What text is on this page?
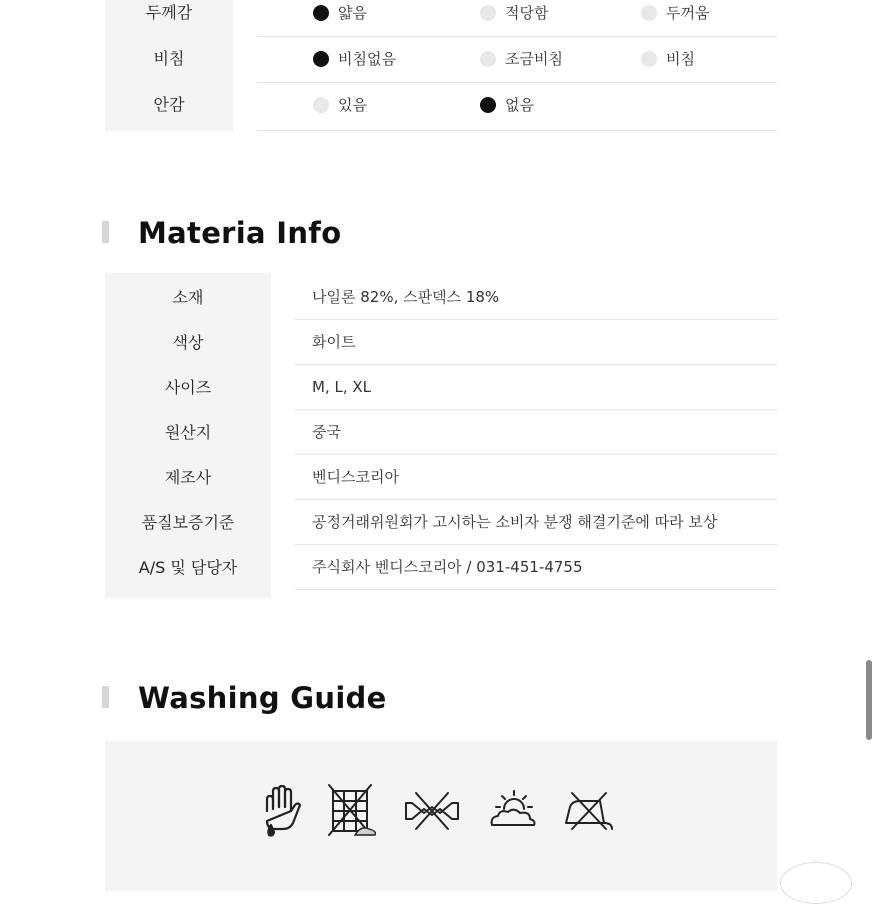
두께감	얇음	적당함	두꺼움
비침	비침없음	조금비침	비침
안감	있음	없음
Materia Info
소재	나일론 82%, 스판덱스 18%
색상	화이트
사이즈	M, L, XL
원산지	중국
제조사	벤디스코리아
품질보증기준	공정거래위원회가 고시하는 소비자 분쟁 해결기준에 따라 보상
A/S 및 담당자	주식회사 벤디스코리아 / 031-451-4755
Washing Guide
